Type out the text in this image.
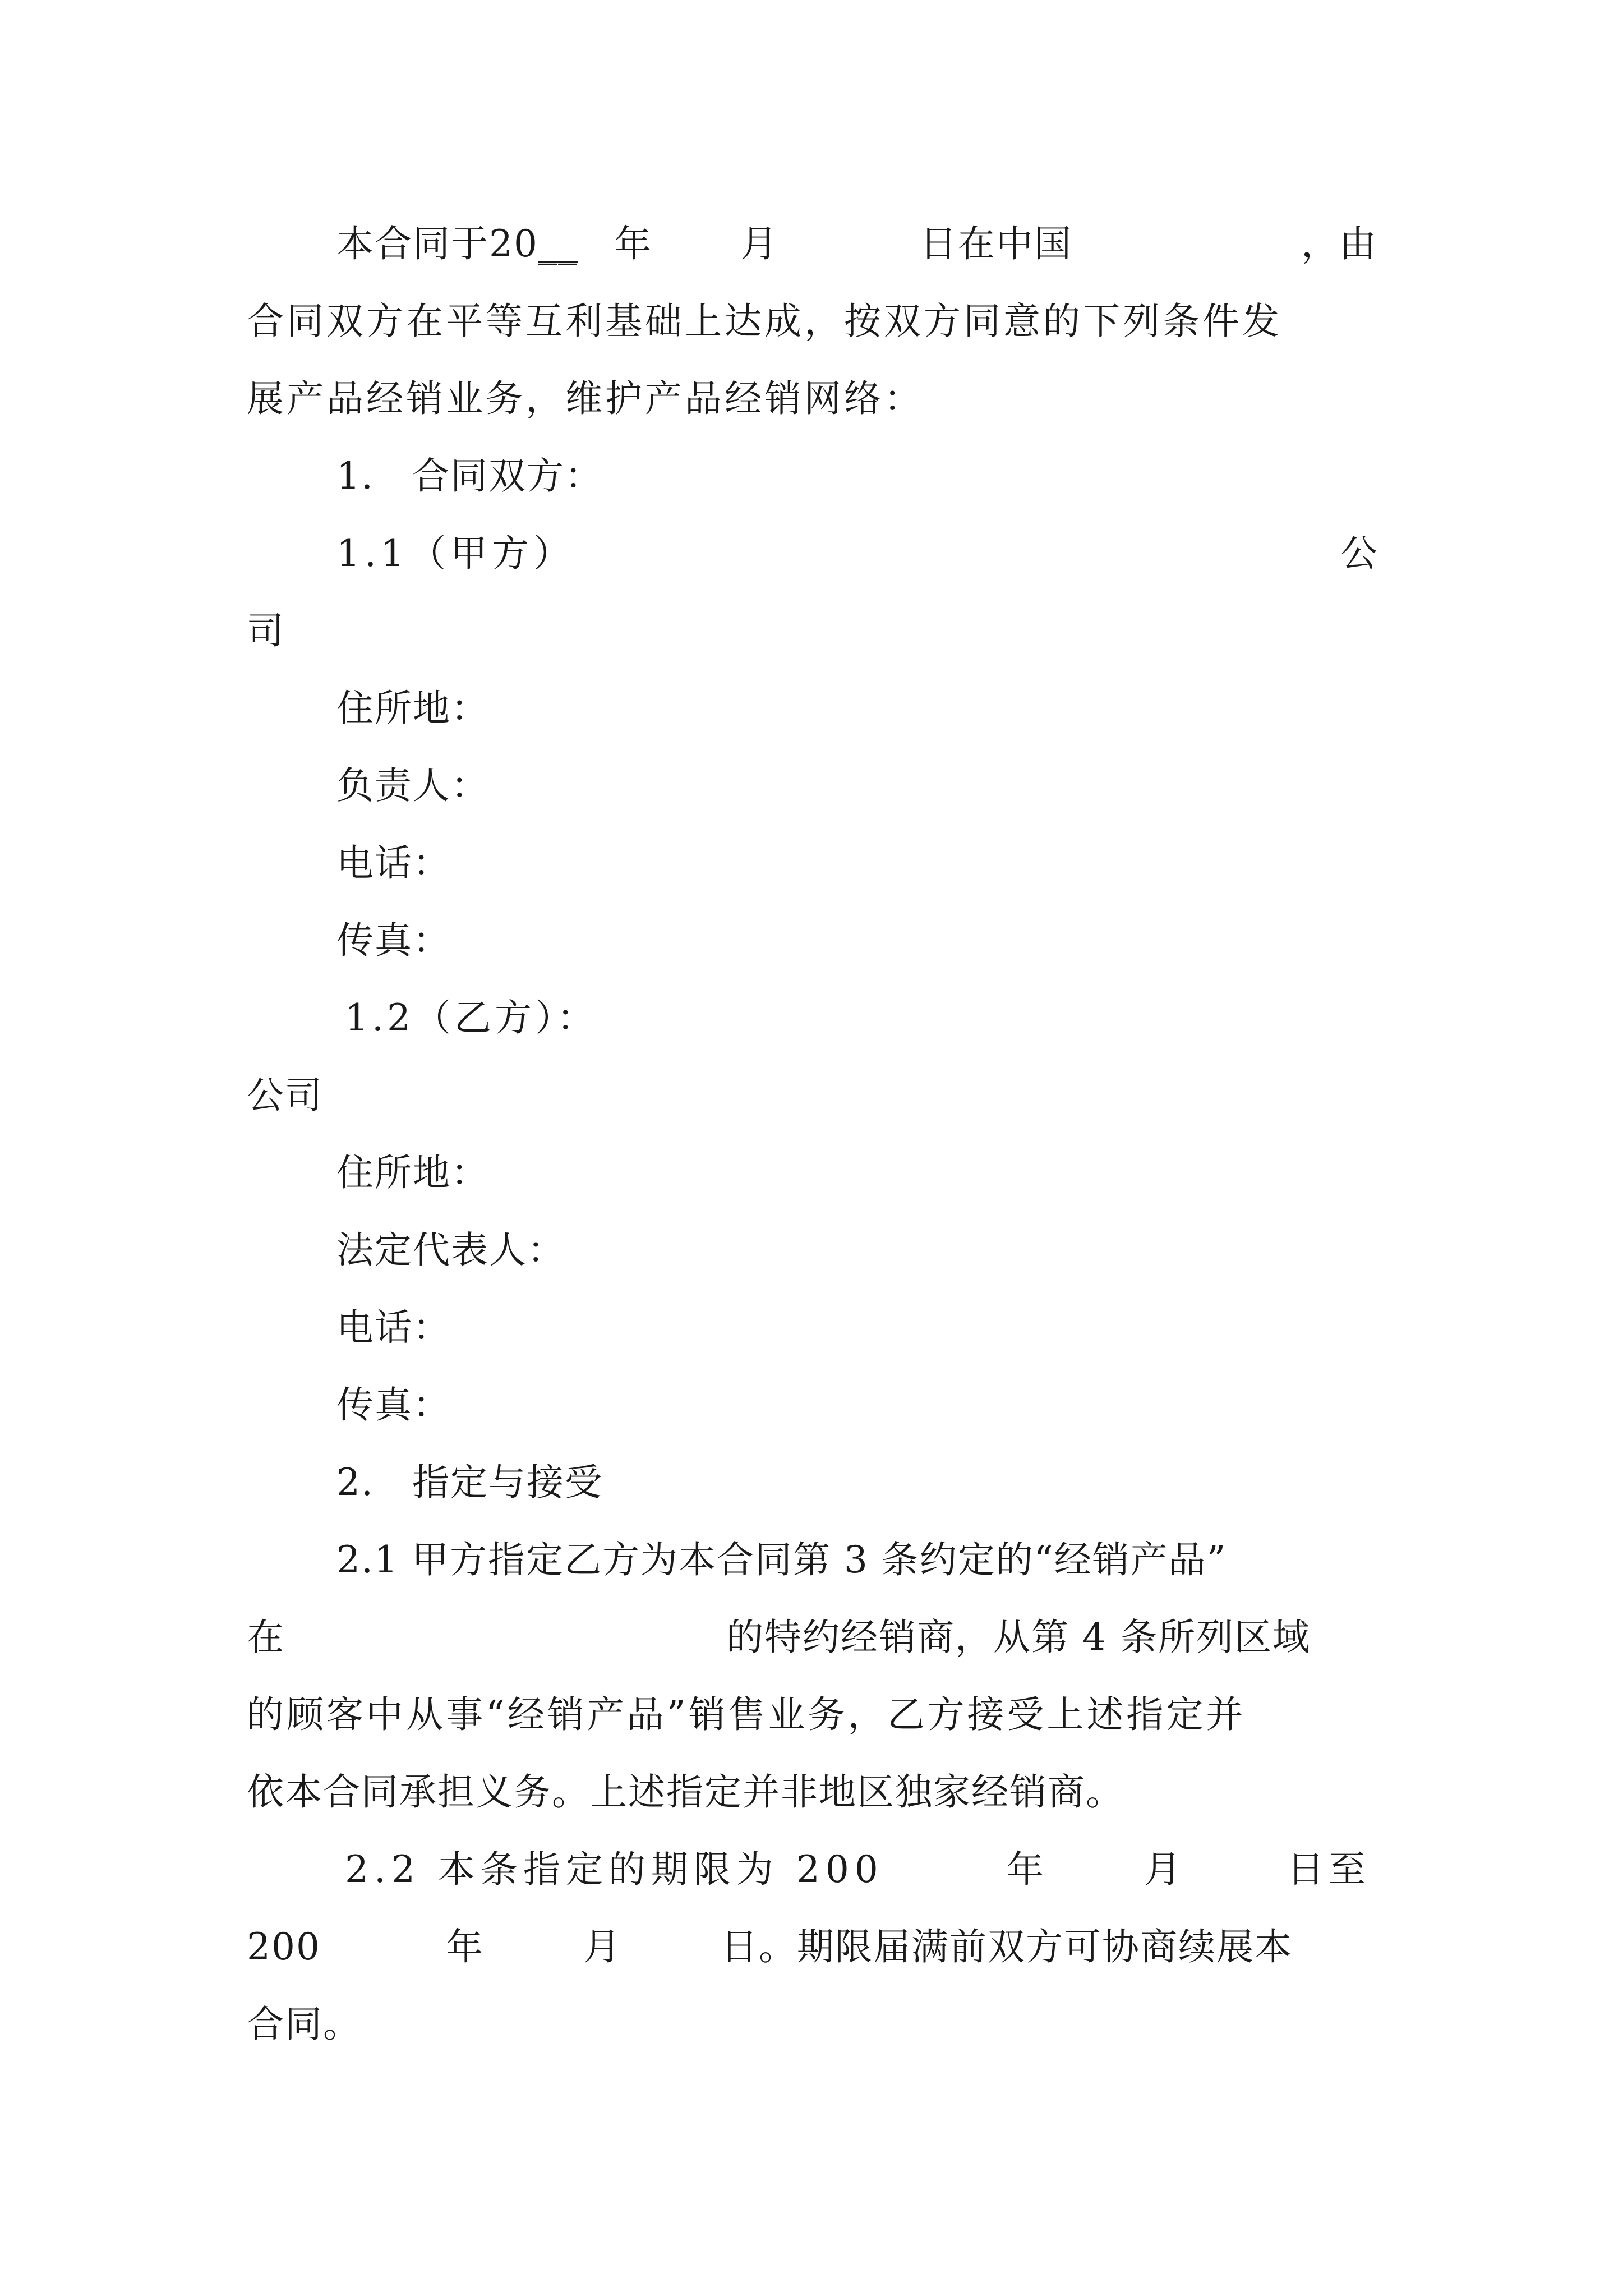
本合同于20__ 年 月	日在中国	，由
合同双方在平等互利基础上达成，按双方同意的下列条件发
展产品经销业务，维护产品经销网络：
1.　合同双方：
1.1（甲方）	公
司
住所地：
负责人：
电话：
传真：
1.2（乙方）：
公司
住所地：
法定代表人：
电话：
传真：
2.　指定与接受
2.1 甲方指定乙方为本合同第 3 条约定的“经销产品”
在	的特约经销商，从第 4 条所列区域
的顾客中从事“经销产品”销售业务，乙方接受上述指定并
依本合同承担义务。上述指定并非地区独家经销商。
2.2 本条指定的期限为 200	年	月	日至
200	年	月	日。期限届满前双方可协商续展本
合同。
